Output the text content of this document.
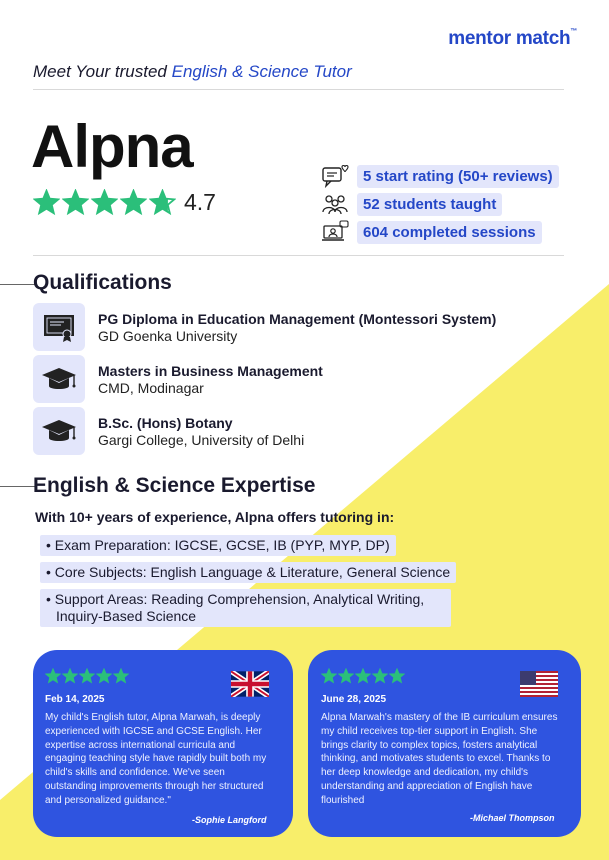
mentor match™
Meet Your trusted English & Science Tutor
Alpna
4.7
5 start rating (50+ reviews)
52 students taught
604 completed sessions
Qualifications
PG Diploma in Education Management (Montessori System)
GD Goenka University
Masters in Business Management
CMD, Modinagar
B.Sc. (Hons) Botany
Gargi College, University of Delhi
English & Science Expertise
With 10+ years of experience, Alpna offers tutoring in:
• Exam Preparation: IGCSE, GCSE, IB (PYP, MYP, DP)
• Core Subjects: English Language & Literature, General Science
• Support Areas: Reading Comprehension, Analytical Writing,
Inquiry-Based Science
Feb 14, 2025
My child's English tutor, Alpna Marwah, is deeply
experienced with IGCSE and GCSE English. Her
expertise across international curricula and
engaging teaching style have rapidly built both my
child's skills and confidence. We've seen
outstanding improvements through her structured
and personalized guidance."
-Sophie Langford
June 28, 2025
Alpna Marwah's mastery of the IB curriculum ensures
my child receives top-tier support in English. She
brings clarity to complex topics, fosters analytical
thinking, and motivates students to excel. Thanks to
her deep knowledge and dedication, my child's
understanding and appreciation of English have
flourished
-Michael Thompson
